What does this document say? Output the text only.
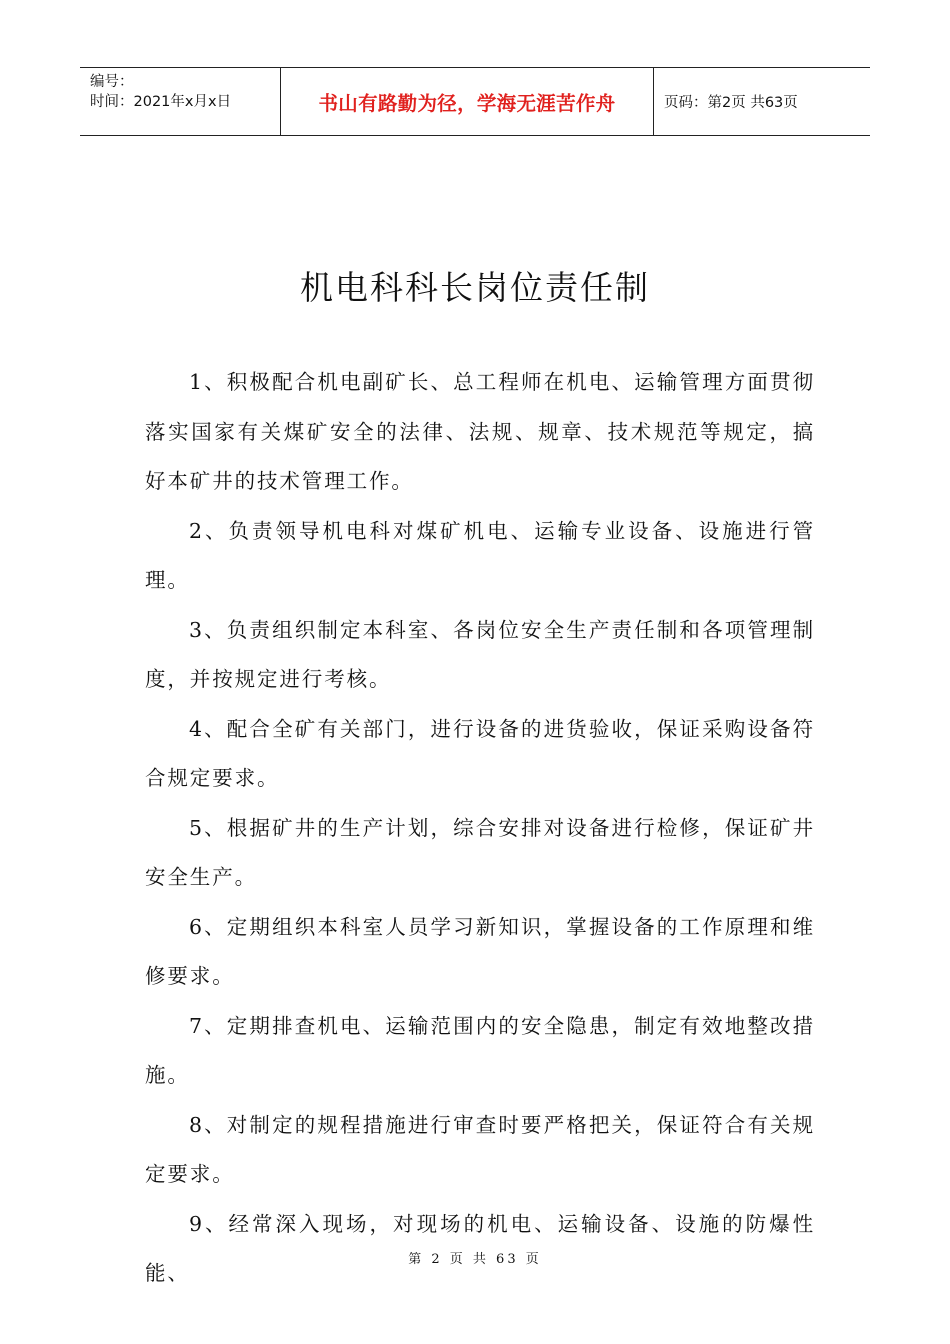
编号：
时间：2021年x月x日	书山有路勤为径，学海无涯苦作舟	页码：第2页 共63页
机电科科长岗位责任制

1、积极配合机电副矿长、总工程师在机电、运输管理方面贯彻落实国家有关煤矿安全的法律、法规、规章、技术规范等规定，搞好本矿井的技术管理工作。

2、负责领导机电科对煤矿机电、运输专业设备、设施进行管理。

3、负责组织制定本科室、各岗位安全生产责任制和各项管理制度，并按规定进行考核。

4、配合全矿有关部门，进行设备的进货验收，保证采购设备符合规定要求。

5、根据矿井的生产计划，综合安排对设备进行检修，保证矿井安全生产。

6、定期组织本科室人员学习新知识，掌握设备的工作原理和维修要求。

7、定期排查机电、运输范围内的安全隐患，制定有效地整改措施。

8、对制定的规程措施进行审查时要严格把关，保证符合有关规定要求。

9、经常深入现场，对现场的机电、运输设备、设施的防爆性能、

第 2 页 共 63 页
